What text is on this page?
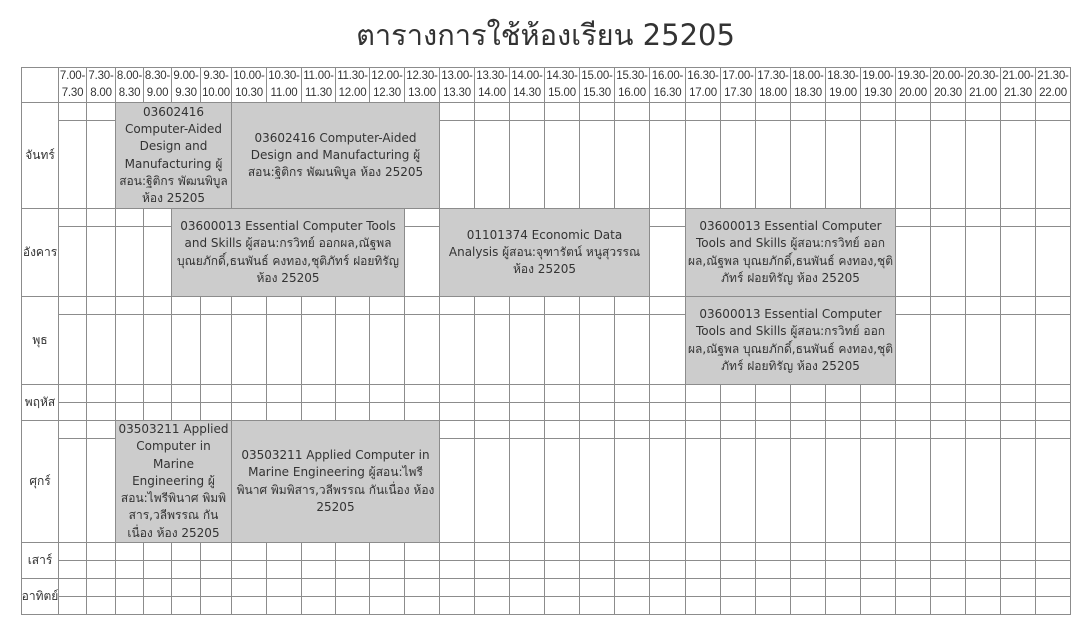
ตารางการใช้ห้องเรียน 25205
03602416 Computer-Aided Design and Manufacturing ผู้สอน:ฐิติกร พัฒนพิบูล ห้อง 25205
03602416 Computer-Aided Design and Manufacturing ผู้สอน:ฐิติกร พัฒนพิบูล ห้อง 25205
03600013 Essential Computer Tools and Skills ผู้สอน:กรวิทย์ ออกผล,ณัฐพล บุณยภักดิ์,ธนพันธ์ คงทอง,ชุติภัทร์ ฝอยทิรัญ ห้อง 25205
01101374 Economic Data Analysis ผู้สอน:จุฑารัตน์ หนูสุวรรณ ห้อง 25205
03600013 Essential Computer Tools and Skills ผู้สอน:กรวิทย์ ออกผล,ณัฐพล บุณยภักดิ์,ธนพันธ์ คงทอง,ชุติภัทร์ ฝอยทิรัญ ห้อง 25205
03600013 Essential Computer Tools and Skills ผู้สอน:กรวิทย์ ออกผล,ณัฐพล บุณยภักดิ์,ธนพันธ์ คงทอง,ชุติภัทร์ ฝอยทิรัญ ห้อง 25205
03503211 Applied Computer in Marine Engineering ผู้สอน:ไพรีพินาศ พิมพิสาร,วลีพรรณ กันเนื่อง ห้อง 25205
03503211 Applied Computer in Marine Engineering ผู้สอน:ไพรีพินาศ พิมพิสาร,วลีพรรณ กันเนื่อง ห้อง 25205
7.00-
7.30
7.30-
8.00
8.00-
8.30
8.30-
9.00
9.00-
9.30
9.30-
10.00
10.00-
10.30
10.30-
11.00
11.00-
11.30
11.30-
12.00
12.00-
12.30
12.30-
13.00
13.00-
13.30
13.30-
14.00
14.00-
14.30
14.30-
15.00
15.00-
15.30
15.30-
16.00
16.00-
16.30
16.30-
17.00
17.00-
17.30
17.30-
18.00
18.00-
18.30
18.30-
19.00
19.00-
19.30
19.30-
20.00
20.00-
20.30
20.30-
21.00
21.00-
21.30
21.30-
22.00
จันทร์
อังคาร
พุธ
พฤหัส
ศุกร์
เสาร์
อาทิตย์
